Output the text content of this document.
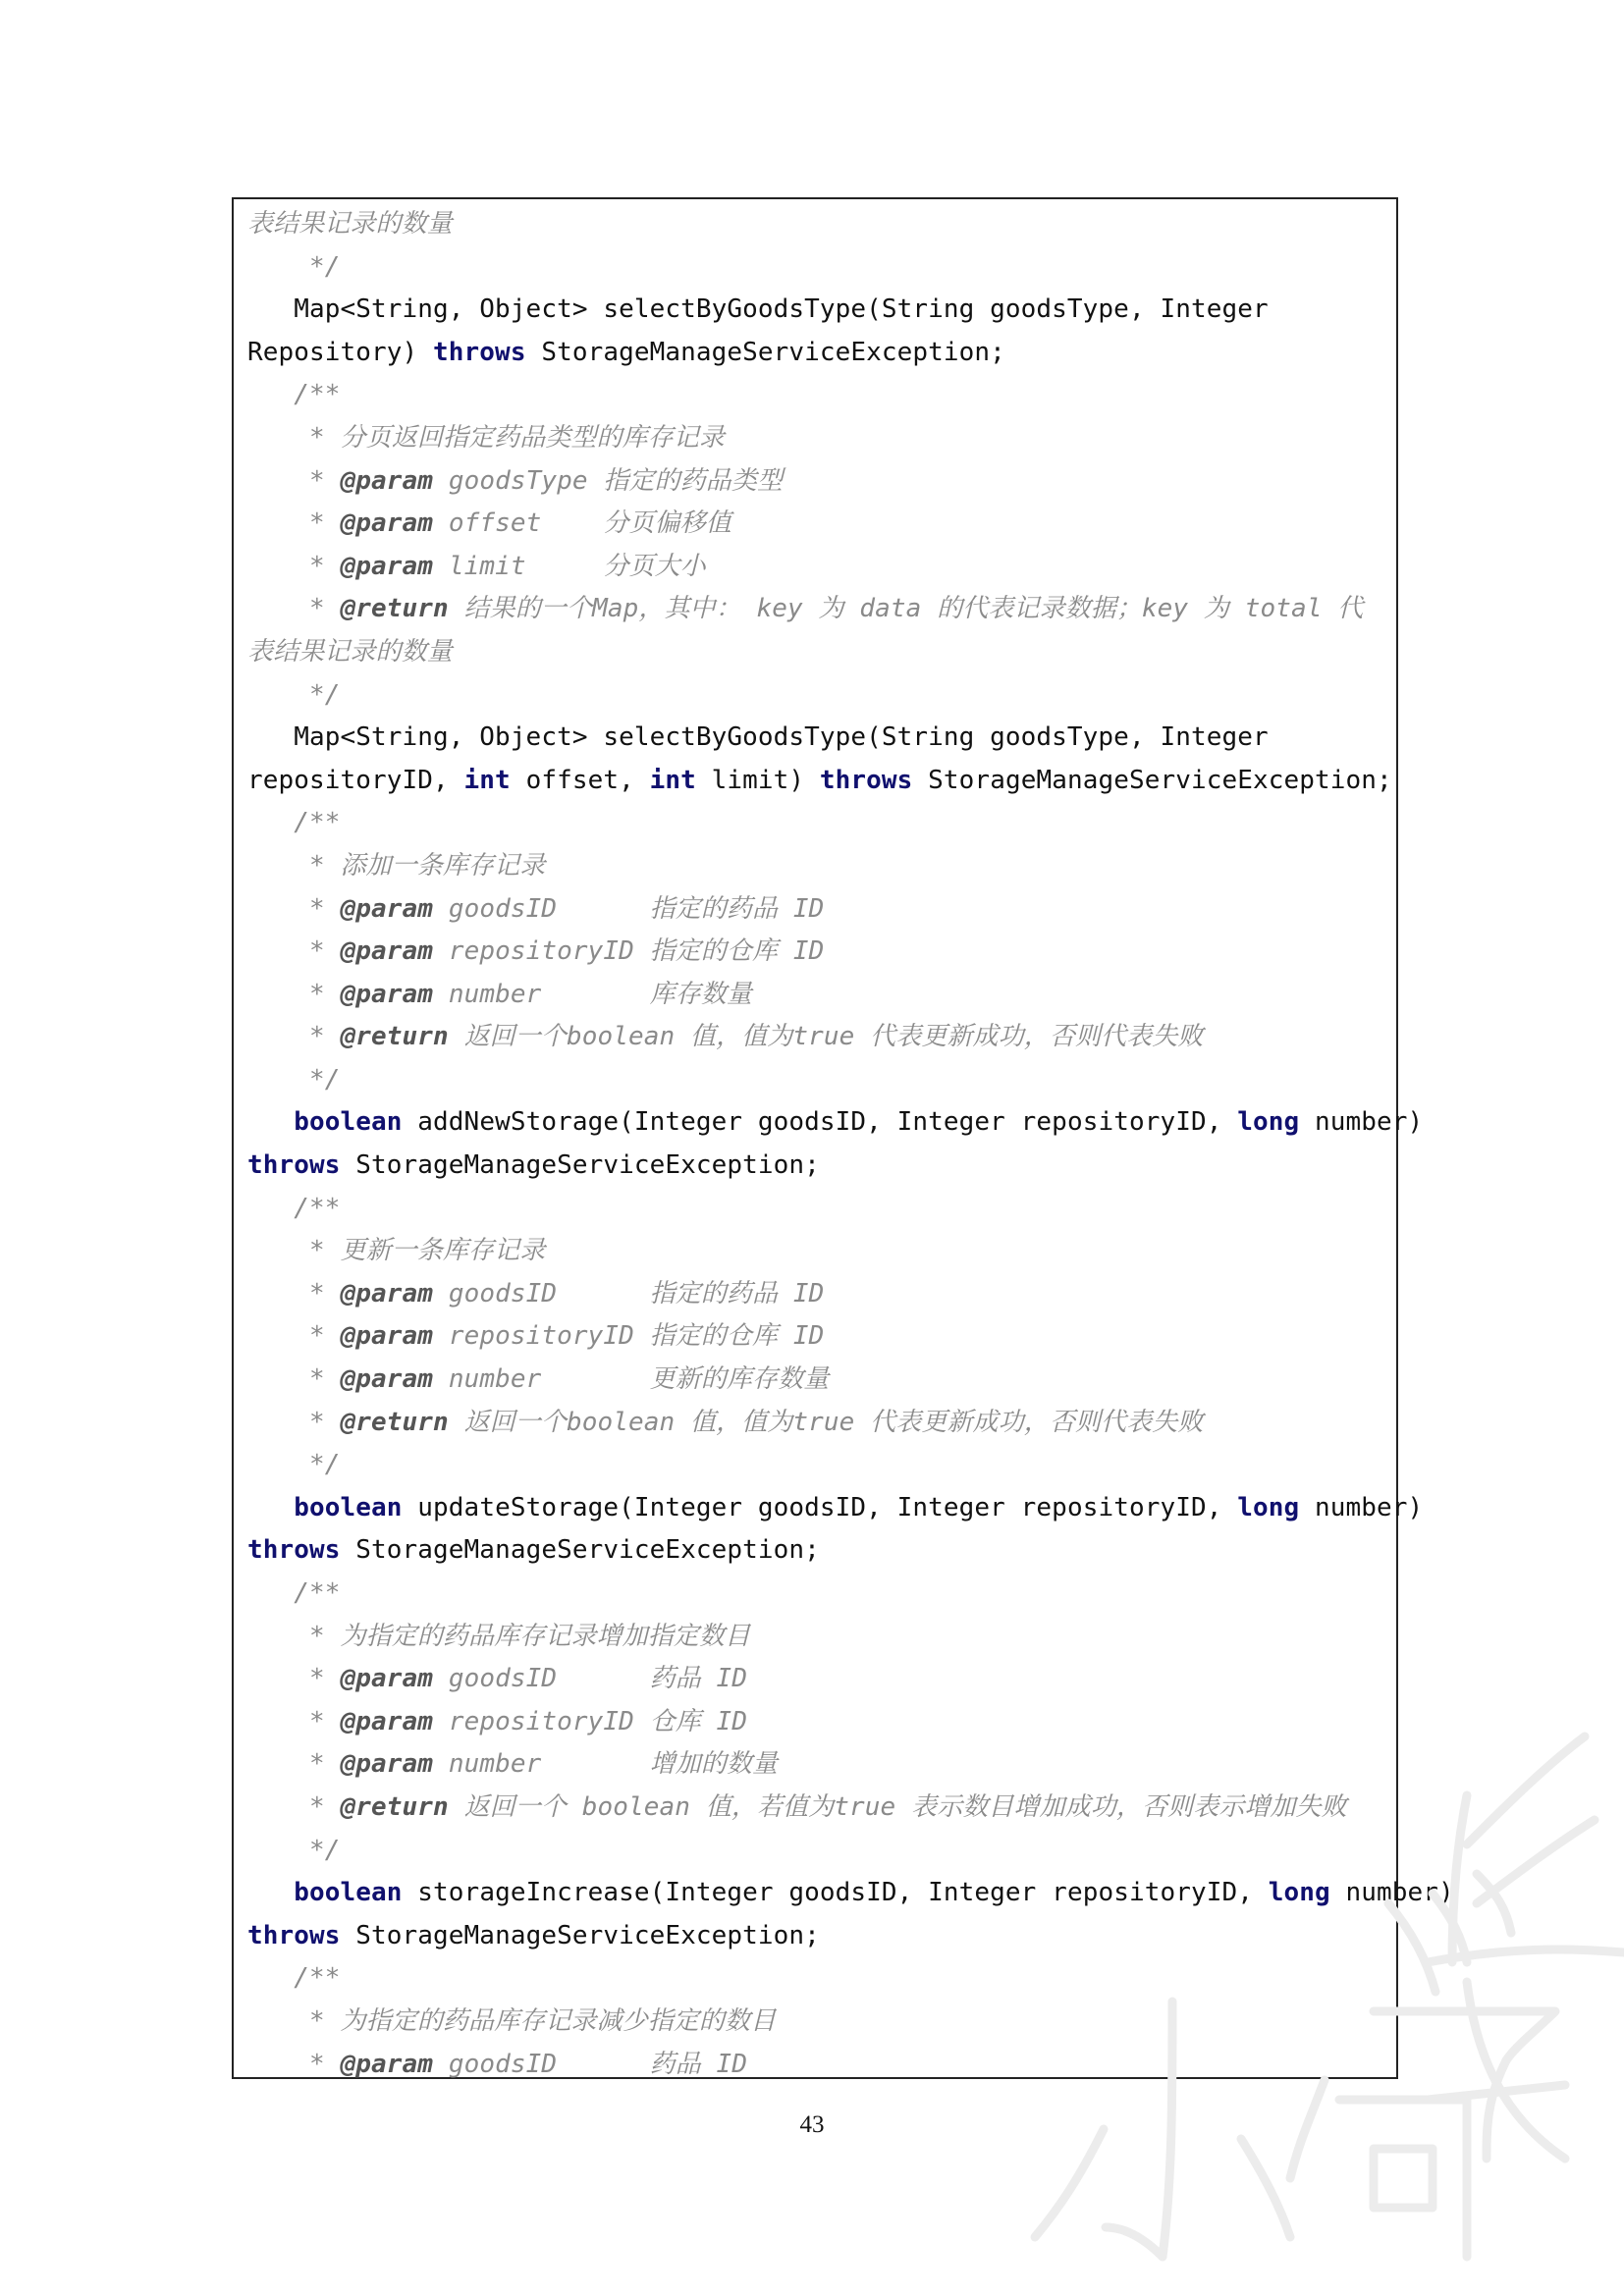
表结果记录的数量
*/
Map<String, Object> selectByGoodsType(String goodsType, Integer
Repository) throws StorageManageServiceException;
/**
* 分页返回指定药品类型的库存记录
* @param goodsType 指定的药品类型
* @param offset    分页偏移值
* @param limit     分页大小
* @return 结果的一个Map，其中： key 为 data 的代表记录数据；key 为 total 代
表结果记录的数量
*/
Map<String, Object> selectByGoodsType(String goodsType, Integer
repositoryID, int offset, int limit) throws StorageManageServiceException;
/**
* 添加一条库存记录
* @param goodsID      指定的药品 ID
* @param repositoryID 指定的仓库 ID
* @param number       库存数量
* @return 返回一个boolean 值，值为true 代表更新成功，否则代表失败
*/
boolean addNewStorage(Integer goodsID, Integer repositoryID, long number)
throws StorageManageServiceException;
/**
* 更新一条库存记录
* @param goodsID      指定的药品 ID
* @param repositoryID 指定的仓库 ID
* @param number       更新的库存数量
* @return 返回一个boolean 值，值为true 代表更新成功，否则代表失败
*/
boolean updateStorage(Integer goodsID, Integer repositoryID, long number)
throws StorageManageServiceException;
/**
* 为指定的药品库存记录增加指定数目
* @param goodsID      药品 ID
* @param repositoryID 仓库 ID
* @param number       增加的数量
* @return 返回一个 boolean 值，若值为true 表示数目增加成功，否则表示增加失败
*/
boolean storageIncrease(Integer goodsID, Integer repositoryID, long number)
throws StorageManageServiceException;
/**
* 为指定的药品库存记录减少指定的数目
* @param goodsID      药品 ID
43
